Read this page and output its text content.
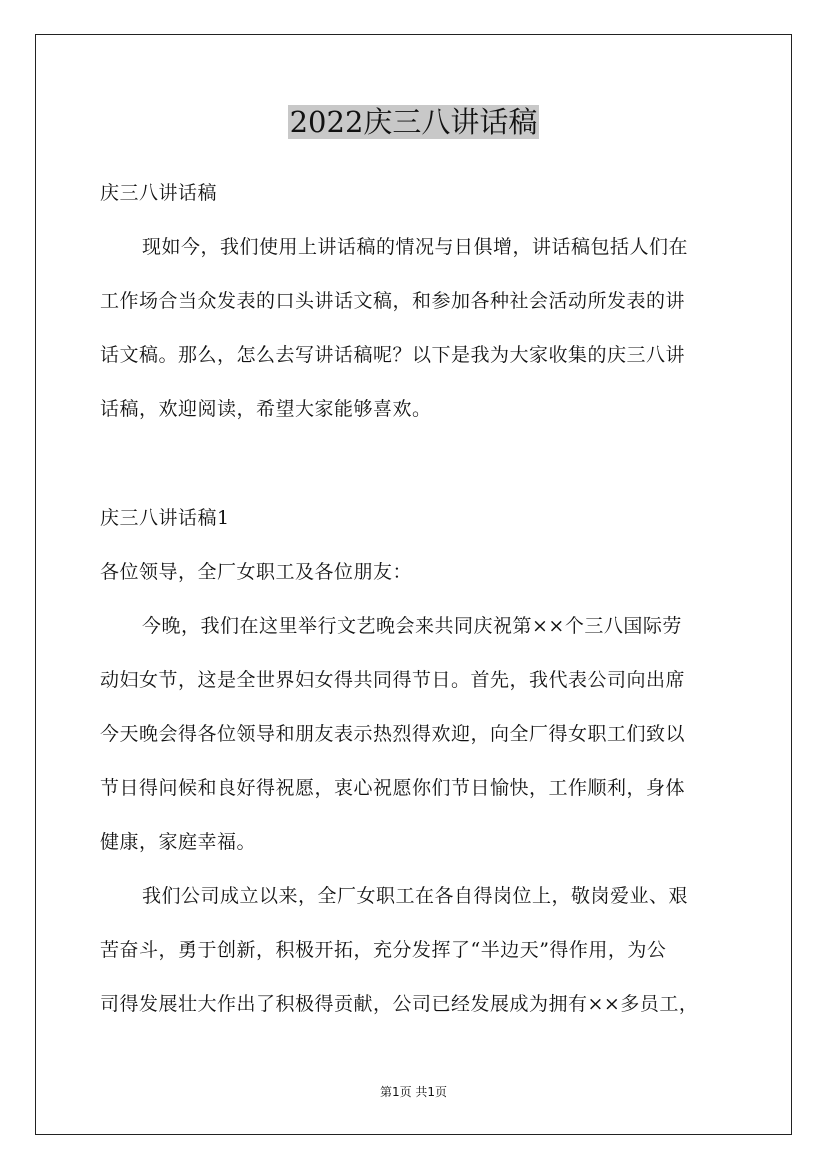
2022庆三八讲话稿
庆三八讲话稿
现如今，我们使用上讲话稿的情况与日俱增，讲话稿包括人们在
工作场合当众发表的口头讲话文稿，和参加各种社会活动所发表的讲
话文稿。那么，怎么去写讲话稿呢？以下是我为大家收集的庆三八讲
话稿，欢迎阅读，希望大家能够喜欢。
庆三八讲话稿1
各位领导，全厂女职工及各位朋友：
今晚，我们在这里举行文艺晚会来共同庆祝第××个三八国际劳
动妇女节，这是全世界妇女得共同得节日。首先，我代表公司向出席
今天晚会得各位领导和朋友表示热烈得欢迎，向全厂得女职工们致以
节日得问候和良好得祝愿，衷心祝愿你们节日愉快，工作顺利，身体
健康，家庭幸福。
我们公司成立以来，全厂女职工在各自得岗位上，敬岗爱业、艰
苦奋斗，勇于创新，积极开拓，充分发挥了“半边天”得作用，为公
司得发展壮大作出了积极得贡献，公司已经发展成为拥有××多员工，
第1页 共1页
